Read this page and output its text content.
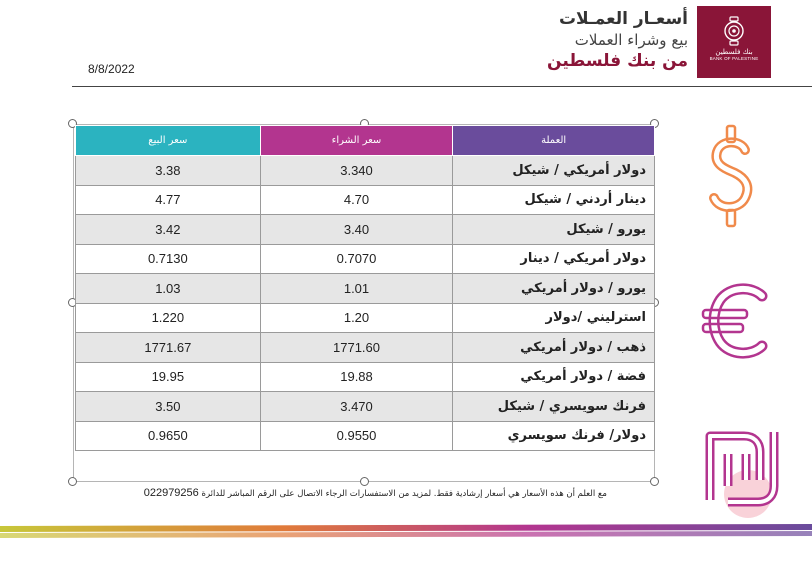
بنك فلسطين
BANK OF PALESTINE
أسعـار العمـلات
بيع وشراء العملات
من بنك فلسطين
8/8/2022
العملة	سعر الشراء	سعر البيع
دولار أمريكي / شيكل	3.340	3.38
دينار أردني / شيكل	4.70	4.77
يورو / شيكل	3.40	3.42
دولار أمريكي / دينار	0.7070	0.7130
يورو / دولار أمريكي	1.01	1.03
استرليني /دولار	1.20	1.220
ذهب / دولار أمريكي	1771.60	1771.67
فضة / دولار أمريكي	19.88	19.95
فرنك سويسري / شيكل	3.470	3.50
دولار/ فرنك سويسري	0.9550	0.9650
مع العلم أن هذه الأسعار هي أسعار إرشادية فقط. لمزيد من الاستفسارات الرجاء الاتصال على الرقم المباشر للدائرة 022979256
